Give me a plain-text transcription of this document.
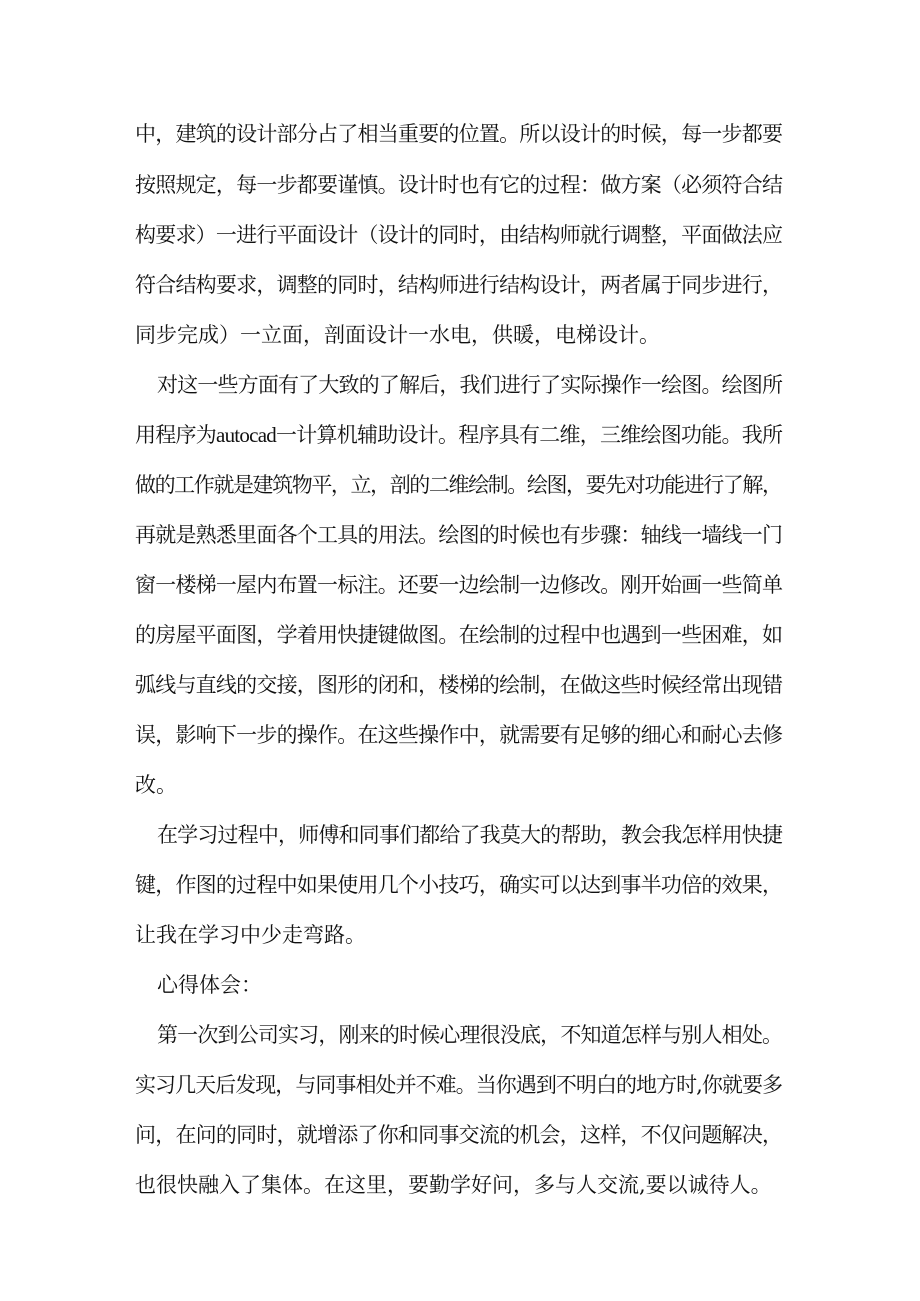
中，建筑的设计部分占了相当重要的位置。所以设计的时候，每一步都要

按照规定，每一步都要谨慎。设计时也有它的过程：做方案（必须符合结

构要求）一进行平面设计（设计的同时，由结构师就行调整，平面做法应

符合结构要求，调整的同时，结构师进行结构设计，两者属于同步进行，

同步完成）一立面，剖面设计一水电，供暖，电梯设计。

对这一些方面有了大致的了解后，我们进行了实际操作一绘图。绘图所

用程序为autocad一计算机辅助设计。程序具有二维，三维绘图功能。我所

做的工作就是建筑物平，立，剖的二维绘制。绘图，要先对功能进行了解，

再就是熟悉里面各个工具的用法。绘图的时候也有步骤：轴线一墙线一门

窗一楼梯一屋内布置一标注。还要一边绘制一边修改。刚开始画一些简单

的房屋平面图，学着用快捷键做图。在绘制的过程中也遇到一些困难，如

弧线与直线的交接，图形的闭和，楼梯的绘制，在做这些时候经常出现错

误，影响下一步的操作。在这些操作中，就需要有足够的细心和耐心去修

改。

在学习过程中，师傅和同事们都给了我莫大的帮助，教会我怎样用快捷

键，作图的过程中如果使用几个小技巧，确实可以达到事半功倍的效果，

让我在学习中少走弯路。

心得体会：

第一次到公司实习，刚来的时候心理很没底，不知道怎样与别人相处。

实习几天后发现，与同事相处并不难。当你遇到不明白的地方时,你就要多

问，在问的同时，就增添了你和同事交流的机会，这样，不仅问题解决，

也很快融入了集体。在这里，要勤学好问，多与人交流,要以诚待人。
